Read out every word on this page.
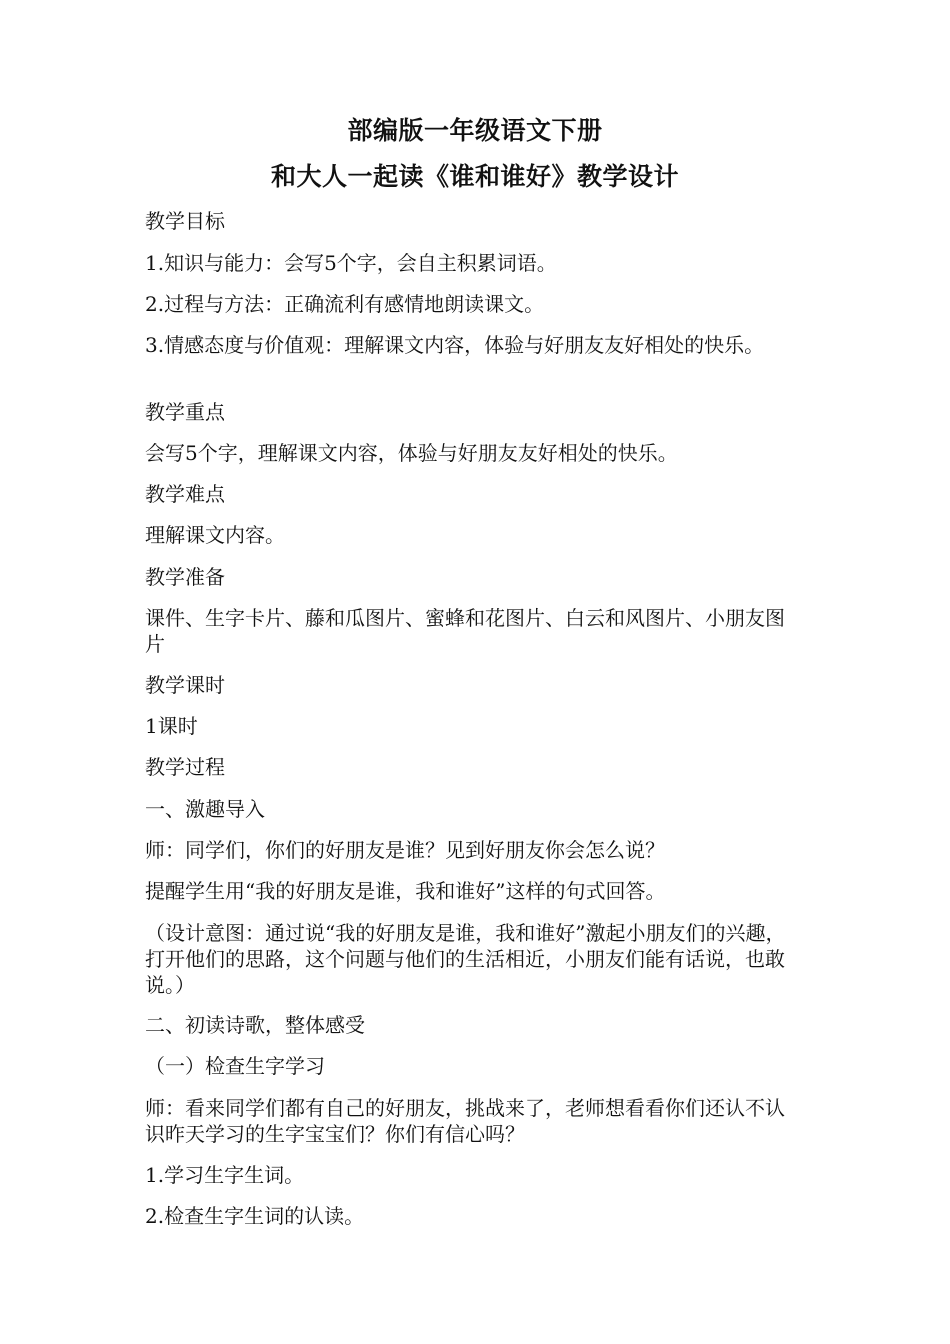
部编版一年级语文下册
和大人一起读《谁和谁好》教学设计
教学目标
1.知识与能力：会写5个字，会自主积累词语。
2.过程与方法：正确流利有感情地朗读课文。
3.情感态度与价值观：理解课文内容，体验与好朋友友好相处的快乐。
教学重点
会写5个字，理解课文内容，体验与好朋友友好相处的快乐。
教学难点
理解课文内容。
教学准备
课件、生字卡片、藤和瓜图片、蜜蜂和花图片、白云和风图片、小朋友图片
教学课时
1课时
教学过程
一、激趣导入
师：同学们，你们的好朋友是谁？见到好朋友你会怎么说？
提醒学生用“我的好朋友是谁，我和谁好”这样的句式回答。
（设计意图：通过说“我的好朋友是谁，我和谁好”激起小朋友们的兴趣，打开他们的思路，这个问题与他们的生活相近，小朋友们能有话说，也敢说。）
二、初读诗歌，整体感受
（一）检查生字学习
师：看来同学们都有自己的好朋友，挑战来了，老师想看看你们还认不认识昨天学习的生字宝宝们？你们有信心吗？
1.学习生字生词。
2.检查生字生词的认读。
